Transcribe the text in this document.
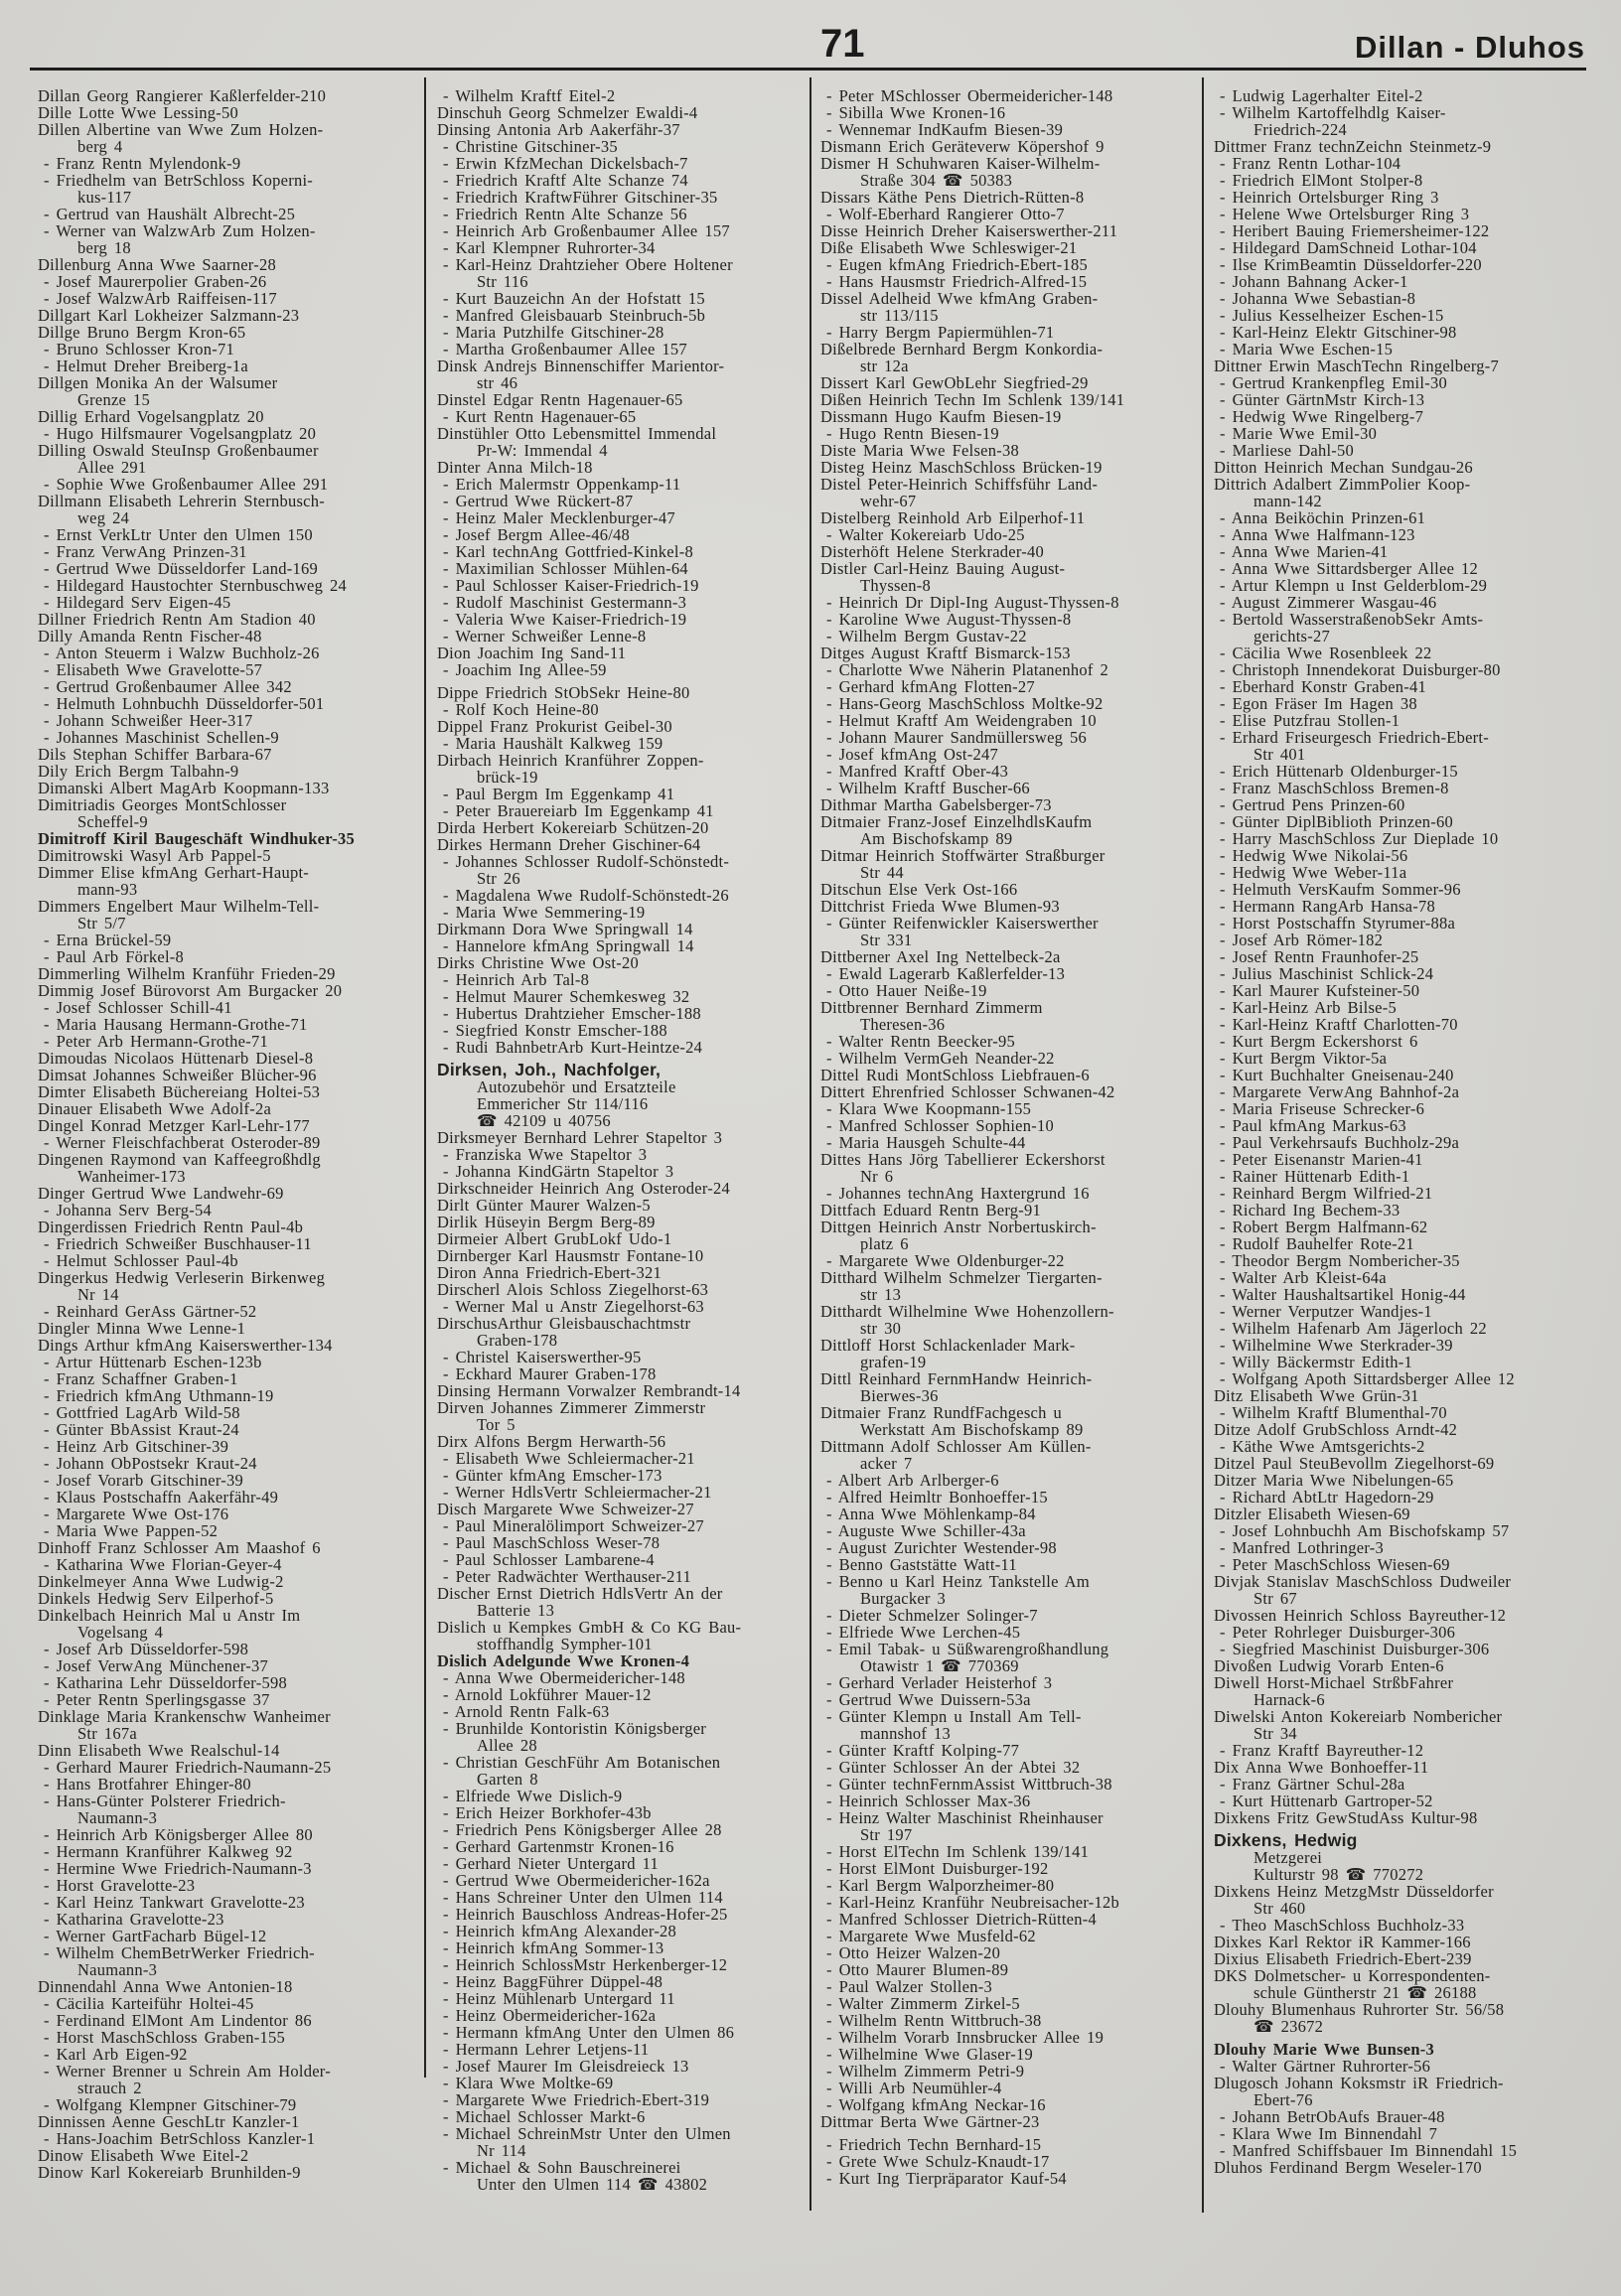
71	Dillan - Dluhos
Dillan Georg Rangierer Kaßlerfelder-210
Dille Lotte Wwe Lessing-50
Dillen Albertine van Wwe Zum Holzen-
berg 4
- Franz Rentn Mylendonk-9
- Friedhelm van BetrSchloss Koperni-
kus-117
- Gertrud van Haushält Albrecht-25
- Werner van WalzwArb Zum Holzen-
berg 18
Dillenburg Anna Wwe Saarner-28
- Josef Maurerpolier Graben-26
- Josef WalzwArb Raiffeisen-117
Dillgart Karl Lokheizer Salzmann-23
Dillge Bruno Bergm Kron-65
- Bruno Schlosser Kron-71
- Helmut Dreher Breiberg-1a
Dillgen Monika An der Walsumer
Grenze 15
Dillig Erhard Vogelsangplatz 20
- Hugo Hilfsmaurer Vogelsangplatz 20
Dilling Oswald SteuInsp Großenbaumer
Allee 291
- Sophie Wwe Großenbaumer Allee 291
Dillmann Elisabeth Lehrerin Sternbusch-
weg 24
- Ernst VerkLtr Unter den Ulmen 150
- Franz VerwAng Prinzen-31
- Gertrud Wwe Düsseldorfer Land-169
- Hildegard Haustochter Sternbuschweg 24
- Hildegard Serv Eigen-45
Dillner Friedrich Rentn Am Stadion 40
Dilly Amanda Rentn Fischer-48
- Anton Steuerm i Walzw Buchholz-26
- Elisabeth Wwe Gravelotte-57
- Gertrud Großenbaumer Allee 342
- Helmuth Lohnbuchh Düsseldorfer-501
- Johann Schweißer Heer-317
- Johannes Maschinist Schellen-9
Dils Stephan Schiffer Barbara-67
Dily Erich Bergm Talbahn-9
Dimanski Albert MagArb Koopmann-133
Dimitriadis Georges MontSchlosser
Scheffel-9
Dimitroff Kiril Baugeschäft Windhuker-35
Dimitrowski Wasyl Arb Pappel-5
Dimmer Elise kfmAng Gerhart-Haupt-
mann-93
Dimmers Engelbert Maur Wilhelm-Tell-
Str 5/7
- Erna Brückel-59
- Paul Arb Förkel-8
Dimmerling Wilhelm Kranführ Frieden-29
Dimmig Josef Bürovorst Am Burgacker 20
- Josef Schlosser Schill-41
- Maria Hausang Hermann-Grothe-71
- Peter Arb Hermann-Grothe-71
Dimoudas Nicolaos Hüttenarb Diesel-8
Dimsat Johannes Schweißer Blücher-96
Dimter Elisabeth Büchereiang Holtei-53
Dinauer Elisabeth Wwe Adolf-2a
Dingel Konrad Metzger Karl-Lehr-177
- Werner Fleischfachberat Osteroder-89
Dingenen Raymond van Kaffeegroßhdlg
Wanheimer-173
Dinger Gertrud Wwe Landwehr-69
- Johanna Serv Berg-54
Dingerdissen Friedrich Rentn Paul-4b
- Friedrich Schweißer Buschhauser-11
- Helmut Schlosser Paul-4b
Dingerkus Hedwig Verleserin Birkenweg
Nr 14
- Reinhard GerAss Gärtner-52
Dingler Minna Wwe Lenne-1
Dings Arthur kfmAng Kaiserswerther-134
- Artur Hüttenarb Eschen-123b
- Franz Schaffner Graben-1
- Friedrich kfmAng Uthmann-19
- Gottfried LagArb Wild-58
- Günter BbAssist Kraut-24
- Heinz Arb Gitschiner-39
- Johann ObPostsekr Kraut-24
- Josef Vorarb Gitschiner-39
- Klaus Postschaffn Aakerfähr-49
- Margarete Wwe Ost-176
- Maria Wwe Pappen-52
Dinhoff Franz Schlosser Am Maashof 6
- Katharina Wwe Florian-Geyer-4
Dinkelmeyer Anna Wwe Ludwig-2
Dinkels Hedwig Serv Eilperhof-5
Dinkelbach Heinrich Mal u Anstr Im
Vogelsang 4
- Josef Arb Düsseldorfer-598
- Josef VerwAng Münchener-37
- Katharina Lehr Düsseldorfer-598
- Peter Rentn Sperlingsgasse 37
Dinklage Maria Krankenschw Wanheimer
Str 167a
Dinn Elisabeth Wwe Realschul-14
- Gerhard Maurer Friedrich-Naumann-25
- Hans Brotfahrer Ehinger-80
- Hans-Günter Polsterer Friedrich-
Naumann-3
- Heinrich Arb Königsberger Allee 80
- Hermann Kranführer Kalkweg 92
- Hermine Wwe Friedrich-Naumann-3
- Horst Gravelotte-23
- Karl Heinz Tankwart Gravelotte-23
- Katharina Gravelotte-23
- Werner GartFacharb Bügel-12
- Wilhelm ChemBetrWerker Friedrich-
Naumann-3
Dinnendahl Anna Wwe Antonien-18
- Cäcilia Karteiführ Holtei-45
- Ferdinand ElMont Am Lindentor 86
- Horst MaschSchloss Graben-155
- Karl Arb Eigen-92
- Werner Brenner u Schrein Am Holder-
strauch 2
- Wolfgang Klempner Gitschiner-79
Dinnissen Aenne GeschLtr Kanzler-1
- Hans-Joachim BetrSchloss Kanzler-1
Dinow Elisabeth Wwe Eitel-2
Dinow Karl Kokereiarb Brunhilden-9
- Wilhelm Kraftf Eitel-2
Dinschuh Georg Schmelzer Ewaldi-4
Dinsing Antonia Arb Aakerfähr-37
- Christine Gitschiner-35
- Erwin KfzMechan Dickelsbach-7
- Friedrich Kraftf Alte Schanze 74
- Friedrich KraftwFührer Gitschiner-35
- Friedrich Rentn Alte Schanze 56
- Heinrich Arb Großenbaumer Allee 157
- Karl Klempner Ruhrorter-34
- Karl-Heinz Drahtzieher Obere Holtener
Str 116
- Kurt Bauzeichn An der Hofstatt 15
- Manfred Gleisbauarb Steinbruch-5b
- Maria Putzhilfe Gitschiner-28
- Martha Großenbaumer Allee 157
Dinsk Andrejs Binnenschiffer Marientor-
str 46
Dinstel Edgar Rentn Hagenauer-65
- Kurt Rentn Hagenauer-65
Dinstühler Otto Lebensmittel Immendal
Pr-W: Immendal 4
Dinter Anna Milch-18
- Erich Malermstr Oppenkamp-11
- Gertrud Wwe Rückert-87
- Heinz Maler Mecklenburger-47
- Josef Bergm Allee-46/48
- Karl technAng Gottfried-Kinkel-8
- Maximilian Schlosser Mühlen-64
- Paul Schlosser Kaiser-Friedrich-19
- Rudolf Maschinist Gestermann-3
- Valeria Wwe Kaiser-Friedrich-19
- Werner Schweißer Lenne-8
Dion Joachim Ing Sand-11
- Joachim Ing Allee-59
Dippe Friedrich StObSekr Heine-80
- Rolf Koch Heine-80
Dippel Franz Prokurist Geibel-30
- Maria Haushält Kalkweg 159
Dirbach Heinrich Kranführer Zoppen-
brück-19
- Paul Bergm Im Eggenkamp 41
- Peter Brauereiarb Im Eggenkamp 41
Dirda Herbert Kokereiarb Schützen-20
Dirkes Hermann Dreher Gischiner-64
- Johannes Schlosser Rudolf-Schönstedt-
Str 26
- Magdalena Wwe Rudolf-Schönstedt-26
- Maria Wwe Semmering-19
Dirkmann Dora Wwe Springwall 14
- Hannelore kfmAng Springwall 14
Dirks Christine Wwe Ost-20
- Heinrich Arb Tal-8
- Helmut Maurer Schemkesweg 32
- Hubertus Drahtzieher Emscher-188
- Siegfried Konstr Emscher-188
- Rudi BahnbetrArb Kurt-Heintze-24
Dirksen, Joh., Nachfolger,
Autozubehör und Ersatzteile
Emmericher Str 114/116
☎ 42109 u 40756
Dirksmeyer Bernhard Lehrer Stapeltor 3
- Franziska Wwe Stapeltor 3
- Johanna KindGärtn Stapeltor 3
Dirkschneider Heinrich Ang Osteroder-24
Dirlt Günter Maurer Walzen-5
Dirlik Hüseyin Bergm Berg-89
Dirmeier Albert GrubLokf Udo-1
Dirnberger Karl Hausmstr Fontane-10
Diron Anna Friedrich-Ebert-321
Dirscherl Alois Schloss Ziegelhorst-63
- Werner Mal u Anstr Ziegelhorst-63
DirschusArthur Gleisbauschachtmstr
Graben-178
- Christel Kaiserswerther-95
- Eckhard Maurer Graben-178
Dinsing Hermann Vorwalzer Rembrandt-14
Dirven Johannes Zimmerer Zimmerstr
Tor 5
Dirx Alfons Bergm Herwarth-56
- Elisabeth Wwe Schleiermacher-21
- Günter kfmAng Emscher-173
- Werner HdlsVertr Schleiermacher-21
Disch Margarete Wwe Schweizer-27
- Paul Mineralölimport Schweizer-27
- Paul MaschSchloss Weser-78
- Paul Schlosser Lambarene-4
- Peter Radwächter Werthauser-211
Discher Ernst Dietrich HdlsVertr An der
Batterie 13
Dislich u Kempkes GmbH & Co KG Bau-
stoffhandlg Sympher-101
Dislich Adelgunde Wwe Kronen-4
- Anna Wwe Obermeidericher-148
- Arnold Lokführer Mauer-12
- Arnold Rentn Falk-63
- Brunhilde Kontoristin Königsberger
Allee 28
- Christian GeschFühr Am Botanischen
Garten 8
- Elfriede Wwe Dislich-9
- Erich Heizer Borkhofer-43b
- Friedrich Pens Königsberger Allee 28
- Gerhard Gartenmstr Kronen-16
- Gerhard Nieter Untergard 11
- Gertrud Wwe Obermeidericher-162a
- Hans Schreiner Unter den Ulmen 114
- Heinrich Bauschloss Andreas-Hofer-25
- Heinrich kfmAng Alexander-28
- Heinrich kfmAng Sommer-13
- Heinrich SchlossMstr Herkenberger-12
- Heinz BaggFührer Düppel-48
- Heinz Mühlenarb Untergard 11
- Heinz Obermeidericher-162a
- Hermann kfmAng Unter den Ulmen 86
- Hermann Lehrer Letjens-11
- Josef Maurer Im Gleisdreieck 13
- Klara Wwe Moltke-69
- Margarete Wwe Friedrich-Ebert-319
- Michael Schlosser Markt-6
- Michael SchreinMstr Unter den Ulmen
Nr 114
- Michael & Sohn Bauschreinerei
Unter den Ulmen 114 ☎ 43802
- Peter MSchlosser Obermeidericher-148
- Sibilla Wwe Kronen-16
- Wennemar IndKaufm Biesen-39
Dismann Erich Geräteverw Köpershof 9
Dismer H Schuhwaren Kaiser-Wilhelm-
Straße 304 ☎ 50383
Dissars Käthe Pens Dietrich-Rütten-8
- Wolf-Eberhard Rangierer Otto-7
Disse Heinrich Dreher Kaiserswerther-211
Diße Elisabeth Wwe Schleswiger-21
- Eugen kfmAng Friedrich-Ebert-185
- Hans Hausmstr Friedrich-Alfred-15
Dissel Adelheid Wwe kfmAng Graben-
str 113/115
- Harry Bergm Papiermühlen-71
Dißelbrede Bernhard Bergm Konkordia-
str 12a
Dissert Karl GewObLehr Siegfried-29
Dißen Heinrich Techn Im Schlenk 139/141
Dissmann Hugo Kaufm Biesen-19
- Hugo Rentn Biesen-19
Diste Maria Wwe Felsen-38
Disteg Heinz MaschSchloss Brücken-19
Distel Peter-Heinrich Schiffsführ Land-
wehr-67
Distelberg Reinhold Arb Eilperhof-11
- Walter Kokereiarb Udo-25
Disterhöft Helene Sterkrader-40
Distler Carl-Heinz Bauing August-
Thyssen-8
- Heinrich Dr Dipl-Ing August-Thyssen-8
- Karoline Wwe August-Thyssen-8
- Wilhelm Bergm Gustav-22
Ditges August Kraftf Bismarck-153
- Charlotte Wwe Näherin Platanenhof 2
- Gerhard kfmAng Flotten-27
- Hans-Georg MaschSchloss Moltke-92
- Helmut Kraftf Am Weidengraben 10
- Johann Maurer Sandmüllersweg 56
- Josef kfmAng Ost-247
- Manfred Kraftf Ober-43
- Wilhelm Kraftf Buscher-66
Dithmar Martha Gabelsberger-73
Ditmaier Franz-Josef EinzelhdlsKaufm
Am Bischofskamp 89
Ditmar Heinrich Stoffwärter Straßburger
Str 44
Ditschun Else Verk Ost-166
Dittchrist Frieda Wwe Blumen-93
- Günter Reifenwickler Kaiserswerther
Str 331
Dittberner Axel Ing Nettelbeck-2a
- Ewald Lagerarb Kaßlerfelder-13
- Otto Hauer Neiße-19
Dittbrenner Bernhard Zimmerm
Theresen-36
- Walter Rentn Beecker-95
- Wilhelm VermGeh Neander-22
Dittel Rudi MontSchloss Liebfrauen-6
Dittert Ehrenfried Schlosser Schwanen-42
- Klara Wwe Koopmann-155
- Manfred Schlosser Sophien-10
- Maria Hausgeh Schulte-44
Dittes Hans Jörg Tabellierer Eckershorst
Nr 6
- Johannes technAng Haxtergrund 16
Dittfach Eduard Rentn Berg-91
Dittgen Heinrich Anstr Norbertuskirch-
platz 6
- Margarete Wwe Oldenburger-22
Ditthard Wilhelm Schmelzer Tiergarten-
str 13
Ditthardt Wilhelmine Wwe Hohenzollern-
str 30
Dittloff Horst Schlackenlader Mark-
grafen-19
Dittl Reinhard FernmHandw Heinrich-
Bierwes-36
Ditmaier Franz RundfFachgesch u
Werkstatt Am Bischofskamp 89
Dittmann Adolf Schlosser Am Küllen-
acker 7
- Albert Arb Arlberger-6
- Alfred Heimltr Bonhoeffer-15
- Anna Wwe Möhlenkamp-84
- Auguste Wwe Schiller-43a
- August Zurichter Westender-98
- Benno Gaststätte Watt-11
- Benno u Karl Heinz Tankstelle Am
Burgacker 3
- Dieter Schmelzer Solinger-7
- Elfriede Wwe Lerchen-45
- Emil Tabak- u Süßwarengroßhandlung
Otawistr 1 ☎ 770369
- Gerhard Verlader Heisterhof 3
- Gertrud Wwe Duissern-53a
- Günter Klempn u Install Am Tell-
mannshof 13
- Günter Kraftf Kolping-77
- Günter Schlosser An der Abtei 32
- Günter technFernmAssist Wittbruch-38
- Heinrich Schlosser Max-36
- Heinz Walter Maschinist Rheinhauser
Str 197
- Horst ElTechn Im Schlenk 139/141
- Horst ElMont Duisburger-192
- Karl Bergm Walporzheimer-80
- Karl-Heinz Kranführ Neubreisacher-12b
- Manfred Schlosser Dietrich-Rütten-4
- Margarete Wwe Musfeld-62
- Otto Heizer Walzen-20
- Otto Maurer Blumen-89
- Paul Walzer Stollen-3
- Walter Zimmerm Zirkel-5
- Wilhelm Rentn Wittbruch-38
- Wilhelm Vorarb Innsbrucker Allee 19
- Wilhelmine Wwe Glaser-19
- Wilhelm Zimmerm Petri-9
- Willi Arb Neumühler-4
- Wolfgang kfmAng Neckar-16
Dittmar Berta Wwe Gärtner-23
- Friedrich Techn Bernhard-15
- Grete Wwe Schulz-Knaudt-17
- Kurt Ing Tierpräparator Kauf-54
- Ludwig Lagerhalter Eitel-2
- Wilhelm Kartoffelhdlg Kaiser-
Friedrich-224
Dittmer Franz technZeichn Steinmetz-9
- Franz Rentn Lothar-104
- Friedrich ElMont Stolper-8
- Heinrich Ortelsburger Ring 3
- Helene Wwe Ortelsburger Ring 3
- Heribert Bauing Friemersheimer-122
- Hildegard DamSchneid Lothar-104
- Ilse KrimBeamtin Düsseldorfer-220
- Johann Bahnang Acker-1
- Johanna Wwe Sebastian-8
- Julius Kesselheizer Eschen-15
- Karl-Heinz Elektr Gitschiner-98
- Maria Wwe Eschen-15
Dittner Erwin MaschTechn Ringelberg-7
- Gertrud Krankenpfleg Emil-30
- Günter GärtnMstr Kirch-13
- Hedwig Wwe Ringelberg-7
- Marie Wwe Emil-30
- Marliese Dahl-50
Ditton Heinrich Mechan Sundgau-26
Dittrich Adalbert ZimmPolier Koop-
mann-142
- Anna Beiköchin Prinzen-61
- Anna Wwe Halfmann-123
- Anna Wwe Marien-41
- Anna Wwe Sittardsberger Allee 12
- Artur Klempn u Inst Gelderblom-29
- August Zimmerer Wasgau-46
- Bertold WasserstraßenobSekr Amts-
gerichts-27
- Cäcilia Wwe Rosenbleek 22
- Christoph Innendekorat Duisburger-80
- Eberhard Konstr Graben-41
- Egon Fräser Im Hagen 38
- Elise Putzfrau Stollen-1
- Erhard Friseurgesch Friedrich-Ebert-
Str 401
- Erich Hüttenarb Oldenburger-15
- Franz MaschSchloss Bremen-8
- Gertrud Pens Prinzen-60
- Günter DiplBiblioth Prinzen-60
- Harry MaschSchloss Zur Dieplade 10
- Hedwig Wwe Nikolai-56
- Hedwig Wwe Weber-11a
- Helmuth VersKaufm Sommer-96
- Hermann RangArb Hansa-78
- Horst Postschaffn Styrumer-88a
- Josef Arb Römer-182
- Josef Rentn Fraunhofer-25
- Julius Maschinist Schlick-24
- Karl Maurer Kufsteiner-50
- Karl-Heinz Arb Bilse-5
- Karl-Heinz Kraftf Charlotten-70
- Kurt Bergm Eckershorst 6
- Kurt Bergm Viktor-5a
- Kurt Buchhalter Gneisenau-240
- Margarete VerwAng Bahnhof-2a
- Maria Friseuse Schrecker-6
- Paul kfmAng Markus-63
- Paul Verkehrsaufs Buchholz-29a
- Peter Eisenanstr Marien-41
- Rainer Hüttenarb Edith-1
- Reinhard Bergm Wilfried-21
- Richard Ing Bechem-33
- Robert Bergm Halfmann-62
- Rudolf Bauhelfer Rote-21
- Theodor Bergm Nombericher-35
- Walter Arb Kleist-64a
- Walter Haushaltsartikel Honig-44
- Werner Verputzer Wandjes-1
- Wilhelm Hafenarb Am Jägerloch 22
- Wilhelmine Wwe Sterkrader-39
- Willy Bäckermstr Edith-1
- Wolfgang Apoth Sittardsberger Allee 12
Ditz Elisabeth Wwe Grün-31
- Wilhelm Kraftf Blumenthal-70
Ditze Adolf GrubSchloss Arndt-42
- Käthe Wwe Amtsgerichts-2
Ditzel Paul SteuBevollm Ziegelhorst-69
Ditzer Maria Wwe Nibelungen-65
- Richard AbtLtr Hagedorn-29
Ditzler Elisabeth Wiesen-69
- Josef Lohnbuchh Am Bischofskamp 57
- Manfred Lothringer-3
- Peter MaschSchloss Wiesen-69
Divjak Stanislav MaschSchloss Dudweiler
Str 67
Divossen Heinrich Schloss Bayreuther-12
- Peter Rohrleger Duisburger-306
- Siegfried Maschinist Duisburger-306
Divoßen Ludwig Vorarb Enten-6
Diwell Horst-Michael StrßbFahrer
Harnack-6
Diwelski Anton Kokereiarb Nombericher
Str 34
- Franz Kraftf Bayreuther-12
Dix Anna Wwe Bonhoeffer-11
- Franz Gärtner Schul-28a
- Kurt Hüttenarb Gartroper-52
Dixkens Fritz GewStudAss Kultur-98
Dixkens, Hedwig
Metzgerei
Kulturstr 98 ☎ 770272
Dixkens Heinz MetzgMstr Düsseldorfer
Str 460
- Theo MaschSchloss Buchholz-33
Dixkes Karl Rektor iR Kammer-166
Dixius Elisabeth Friedrich-Ebert-239
DKS Dolmetscher- u Korrespondenten-
schule Güntherstr 21 ☎ 26188
Dlouhy Blumenhaus Ruhrorter Str. 56/58
☎ 23672
Dlouhy Marie Wwe Bunsen-3
- Walter Gärtner Ruhrorter-56
Dlugosch Johann Koksmstr iR Friedrich-
Ebert-76
- Johann BetrObAufs Brauer-48
- Klara Wwe Im Binnendahl 7
- Manfred Schiffsbauer Im Binnendahl 15
Dluhos Ferdinand Bergm Weseler-170
